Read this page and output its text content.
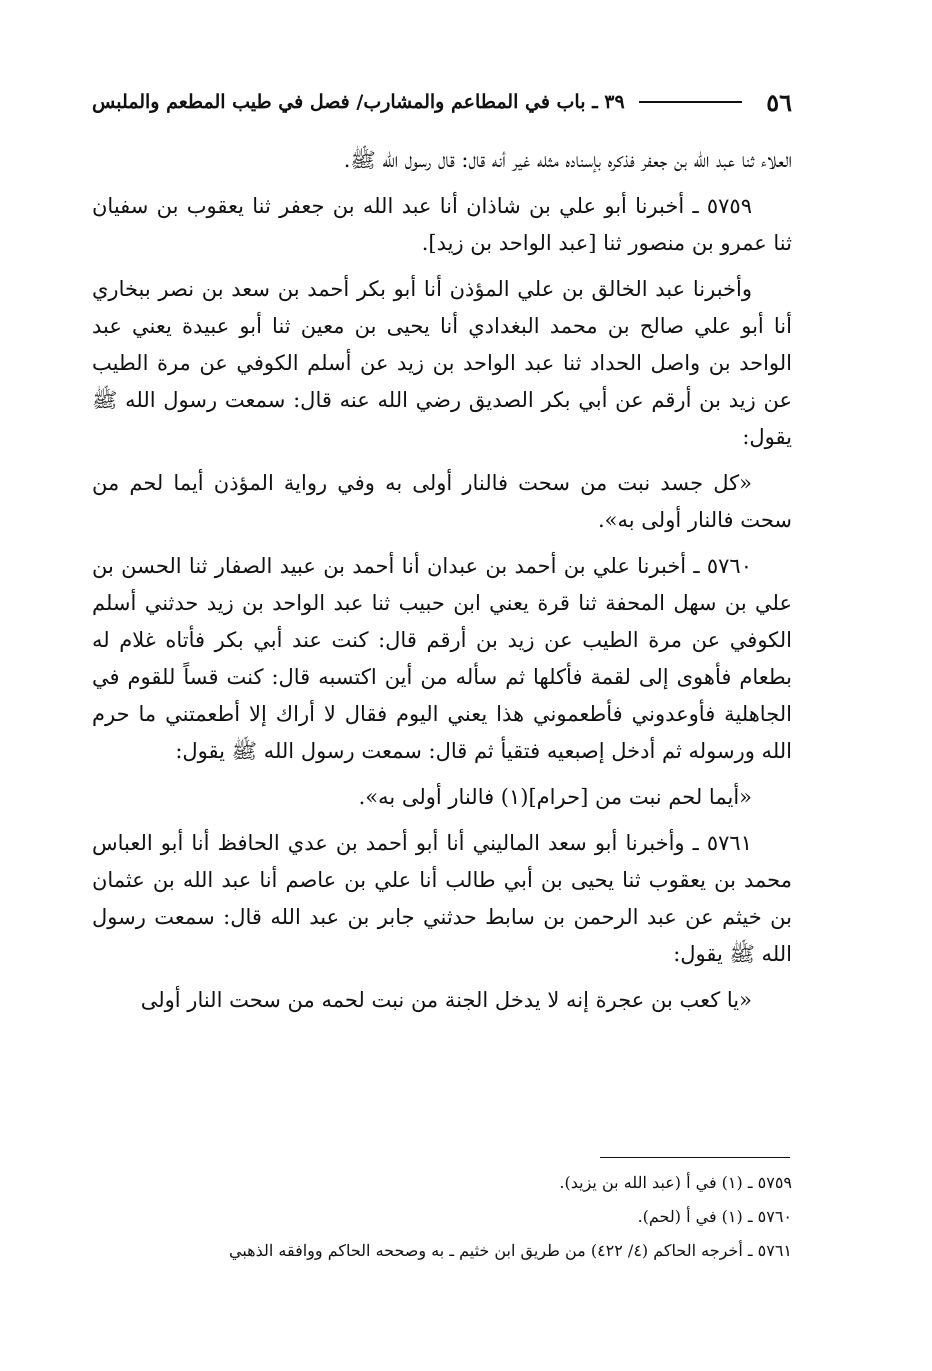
٥٦
٣٩ ـ باب في المطاعم والمشارب/ فصل في طيب المطعم والملبس

العلاء ثنا عبد الله بن جعفر فذكره بإسناده مثله غير أنه قال: قال رسول الله ﷺ.

٥٧٥٩ ـ أخبرنا أبو علي بن شاذان أنا عبد الله بن جعفر ثنا يعقوب بن سفيان ثنا عمرو بن منصور ثنا [عبد الواحد بن زيد].

وأخبرنا عبد الخالق بن علي المؤذن أنا أبو بكر أحمد بن سعد بن نصر ببخاري أنا أبو علي صالح بن محمد البغدادي أنا يحيى بن معين ثنا أبو عبيدة يعني عبد الواحد بن واصل الحداد ثنا عبد الواحد بن زيد عن أسلم الكوفي عن مرة الطيب عن زيد بن أرقم عن أبي بكر الصديق رضي الله عنه قال: سمعت رسول الله ﷺ يقول:

«كل جسد نبت من سحت فالنار أولى به وفي رواية المؤذن أيما لحم من سحت فالنار أولى به».

٥٧٦٠ ـ أخبرنا علي بن أحمد بن عبدان أنا أحمد بن عبيد الصفار ثنا الحسن بن علي بن سهل المحفة ثنا قرة يعني ابن حبيب ثنا عبد الواحد بن زيد حدثني أسلم الكوفي عن مرة الطيب عن زيد بن أرقم قال: كنت عند أبي بكر فأتاه غلام له بطعام فأهوى إلى لقمة فأكلها ثم سأله من أين اكتسبه قال: كنت قساً للقوم في الجاهلية فأوعدوني فأطعموني هذا يعني اليوم فقال لا أراك إلا أطعمتني ما حرم الله ورسوله ثم أدخل إصبعيه فتقيأ ثم قال: سمعت رسول الله ﷺ يقول:

«أيما لحم نبت من [حرام](١) فالنار أولى به».

٥٧٦١ ـ وأخبرنا أبو سعد الماليني أنا أبو أحمد بن عدي الحافظ أنا أبو العباس محمد بن يعقوب ثنا يحيى بن أبي طالب أنا علي بن عاصم أنا عبد الله بن عثمان بن خيثم عن عبد الرحمن بن سابط حدثني جابر بن عبد الله قال: سمعت رسول الله ﷺ يقول:

«يا كعب بن عجرة إنه لا يدخل الجنة من نبت لحمه من سحت النار أولى

٥٧٥٩ ـ (١) في أ (عبد الله بن يزيد).

٥٧٦٠ ـ (١) في أ (لحم).

٥٧٦١ ـ أخرجه الحاكم (٤/ ٤٢٢) من طريق ابن خثيم ـ به وصححه الحاكم ووافقه الذهبي
